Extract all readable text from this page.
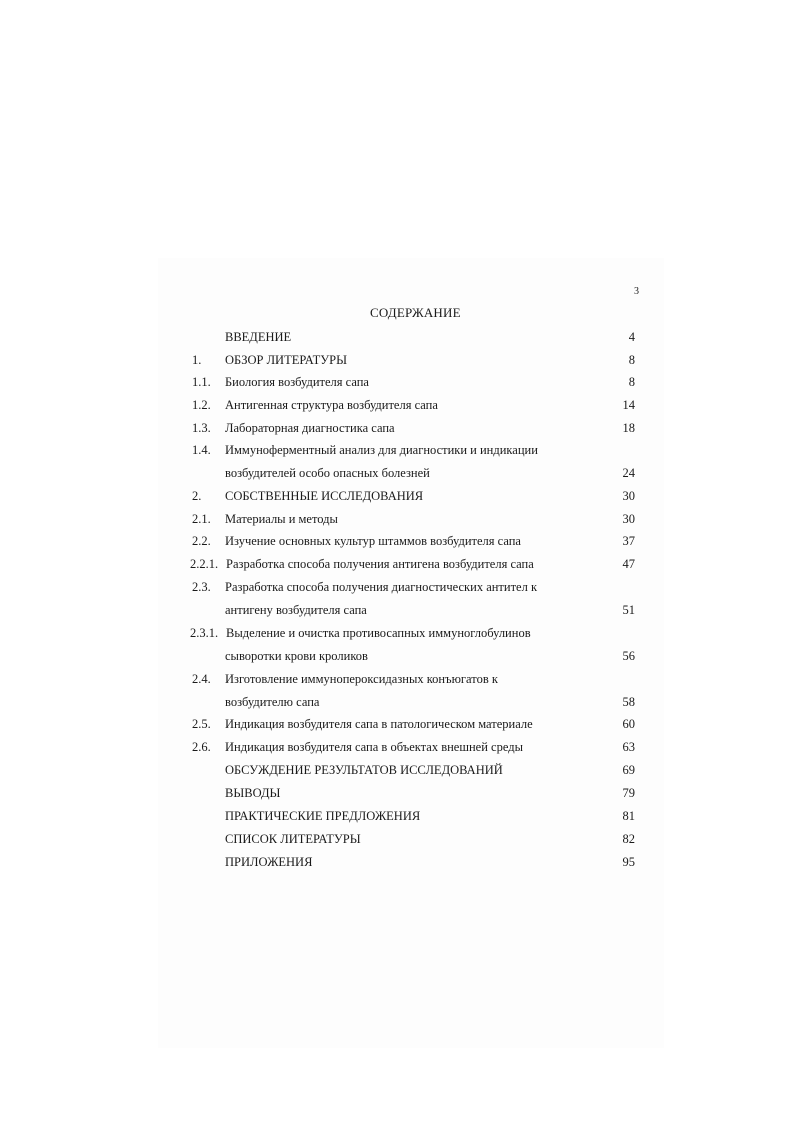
3
СОДЕРЖАНИЕ
ВВЕДЕНИЕ	4
1. ОБЗОР ЛИТЕРАТУРЫ	8
1.1. Биология возбудителя сапа	8
1.2. Антигенная структура возбудителя сапа	14
1.3. Лабораторная диагностика сапа	18
1.4. Иммуноферментный анализ для диагностики и индикации
возбудителей особо опасных болезней	24
2. СОБСТВЕННЫЕ ИССЛЕДОВАНИЯ	30
2.1. Материалы и методы	30
2.2. Изучение основных культур штаммов возбудителя сапа	37
2.2.1. Разработка способа получения антигена возбудителя сапа	47
2.3. Разработка способа получения диагностических антител к
антигену возбудителя сапа	51
2.3.1. Выделение и очистка противосапных иммуноглобулинов
сыворотки крови кроликов	56
2.4. Изготовление иммунопероксидазных конъюгатов к
возбудителю сапа	58
2.5. Индикация возбудителя сапа в патологическом материале	60
2.6. Индикация возбудителя сапа в объектах внешней среды	63
ОБСУЖДЕНИЕ РЕЗУЛЬТАТОВ ИССЛЕДОВАНИЙ	69
ВЫВОДЫ	79
ПРАКТИЧЕСКИЕ ПРЕДЛОЖЕНИЯ	81
СПИСОК ЛИТЕРАТУРЫ	82
ПРИЛОЖЕНИЯ	95
